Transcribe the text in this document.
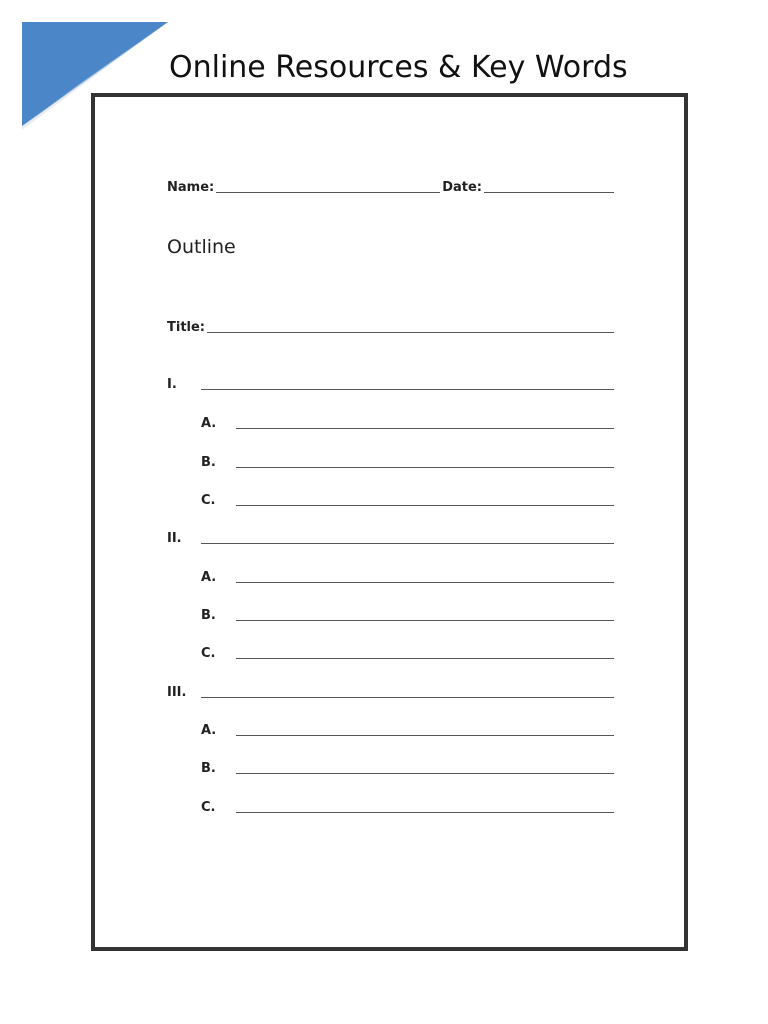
Online Resources & Key Words
Name:	Date:
Outline
Title:
I.
A.
B.
C.
II.
A.
B.
C.
III.
A.
B.
C.
